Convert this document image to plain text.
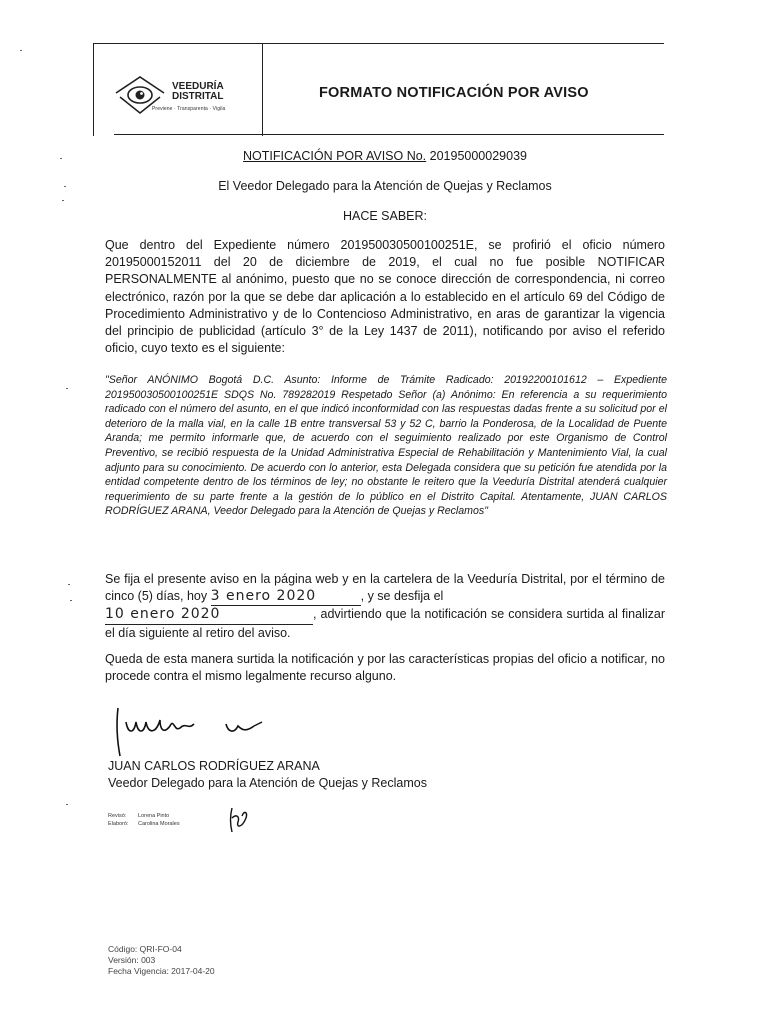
VEEDURÍA
DISTRITAL
Previene · Transparenta · Vigila
FORMATO NOTIFICACIÓN POR AVISO
NOTIFICACIÓN POR AVISO No. 20195000029039
El Veedor Delegado para la Atención de Quejas y Reclamos
HACE SABER:
Que dentro del Expediente número 201950030500100251E, se profirió el oficio número 20195000152011 del 20 de diciembre de 2019, el cual no fue posible NOTIFICAR PERSONALMENTE al anónimo, puesto que no se conoce dirección de correspondencia, ni correo electrónico, razón por la que se debe dar aplicación a lo establecido en el artículo 69 del Código de Procedimiento Administrativo y de lo Contencioso Administrativo, en aras de garantizar la vigencia del principio de publicidad (artículo 3° de la Ley 1437 de 2011), notificando por aviso el referido oficio, cuyo texto es el siguiente:
"Señor ANÓNIMO Bogotá D.C. Asunto: Informe de Trámite Radicado: 20192200101612 – Expediente 201950030500100251E SDQS No. 789282019 Respetado Señor (a) Anónimo: En referencia a su requerimiento radicado con el número del asunto, en el que indicó inconformidad con las respuestas dadas frente a su solicitud por el deterioro de la malla vial, en la calle 1B entre transversal 53 y 52 C, barrio la Ponderosa, de la Localidad de Puente Aranda; me permito informarle que, de acuerdo con el seguimiento realizado por este Organismo de Control Preventivo, se recibió respuesta de la Unidad Administrativa Especial de Rehabilitación y Mantenimiento Vial, la cual adjunto para su conocimiento. De acuerdo con lo anterior, esta Delegada considera que su petición fue atendida por la entidad competente dentro de los términos de ley; no obstante le reitero que la Veeduría Distrital atenderá cualquier requerimiento de su parte frente a la gestión de lo público en el Distrito Capital. Atentamente, JUAN CARLOS RODRÍGUEZ ARANA, Veedor Delegado para la Atención de Quejas y Reclamos"
Se fija el presente aviso en la página web y en la cartelera de la Veeduría Distrital, por el término de cinco (5) días, hoy 3 enero 2020	, y se desfija el
10 enero 2020	, advirtiendo que la notificación se considera surtida al finalizar el día siguiente al retiro del aviso.
Queda de esta manera surtida la notificación y por las características propias del oficio a notificar, no procede contra el mismo legalmente recurso alguno.
JUAN CARLOS RODRÍGUEZ ARANA
Veedor Delegado para la Atención de Quejas y Reclamos
Revisó: Lorena Pinto
Elaboró: Carolina Morales
Código: QRI-FO-04
Versión: 003
Fecha Vigencia: 2017-04-20
